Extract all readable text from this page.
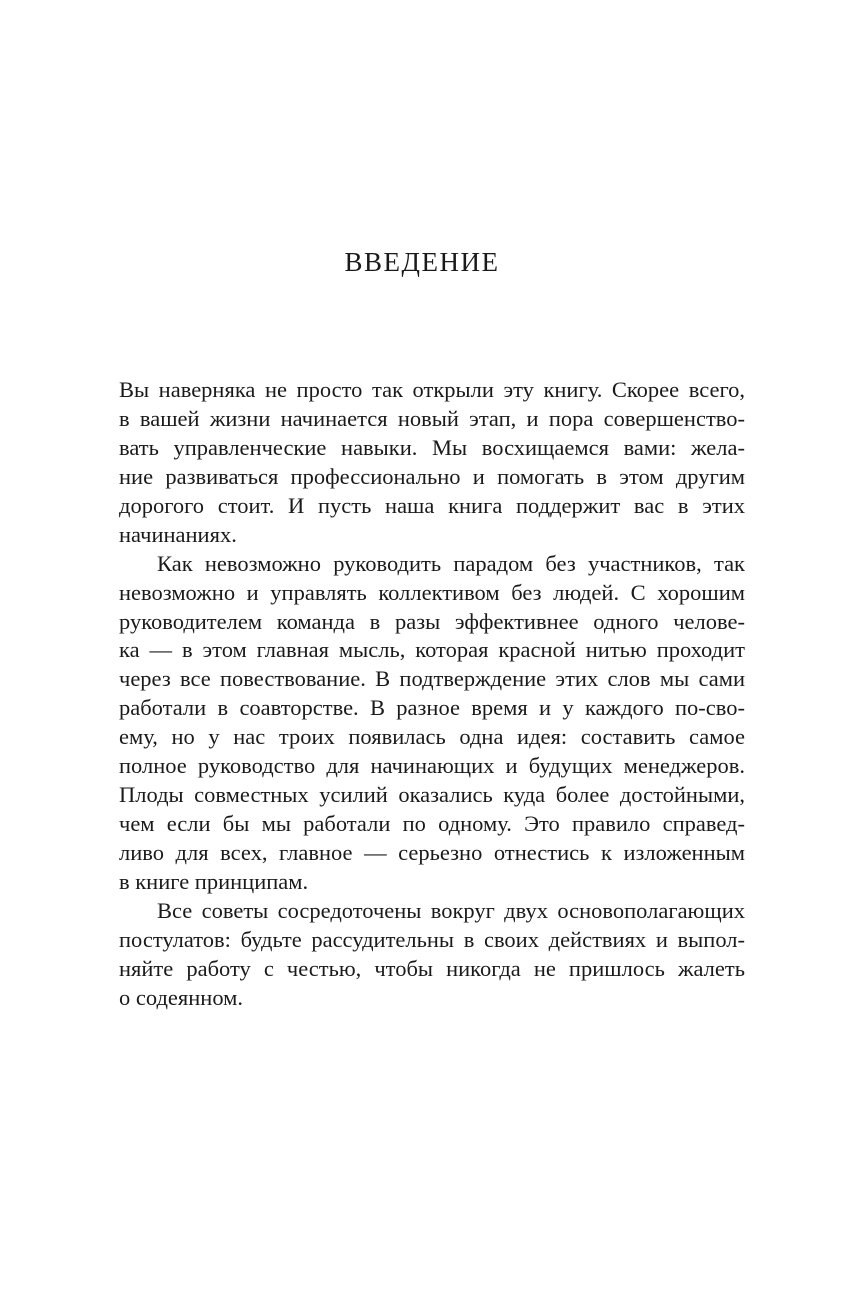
ВВЕДЕНИЕ
Вы наверняка не просто так открыли эту книгу. Скорее всего,
в вашей жизни начинается новый этап, и пора совершенство-
вать управленческие навыки. Мы восхищаемся вами: жела-
ние развиваться профессионально и помогать в этом другим
дорогого стоит. И пусть наша книга поддержит вас в этих
начинаниях.
Как невозможно руководить парадом без участников, так
невозможно и управлять коллективом без людей. С хорошим
руководителем команда в разы эффективнее одного челове-
ка — в этом главная мысль, которая красной нитью проходит
через все повествование. В подтверждение этих слов мы сами
работали в соавторстве. В разное время и у каждого по-сво-
ему, но у нас троих появилась одна идея: составить самое
полное руководство для начинающих и будущих менеджеров.
Плоды совместных усилий оказались куда более достойными,
чем если бы мы работали по одному. Это правило справед-
ливо для всех, главное — серьезно отнестись к изложенным
в книге принципам.
Все советы сосредоточены вокруг двух основополагающих
постулатов: будьте рассудительны в своих действиях и выпол-
няйте работу с честью, чтобы никогда не пришлось жалеть
о содеянном.
